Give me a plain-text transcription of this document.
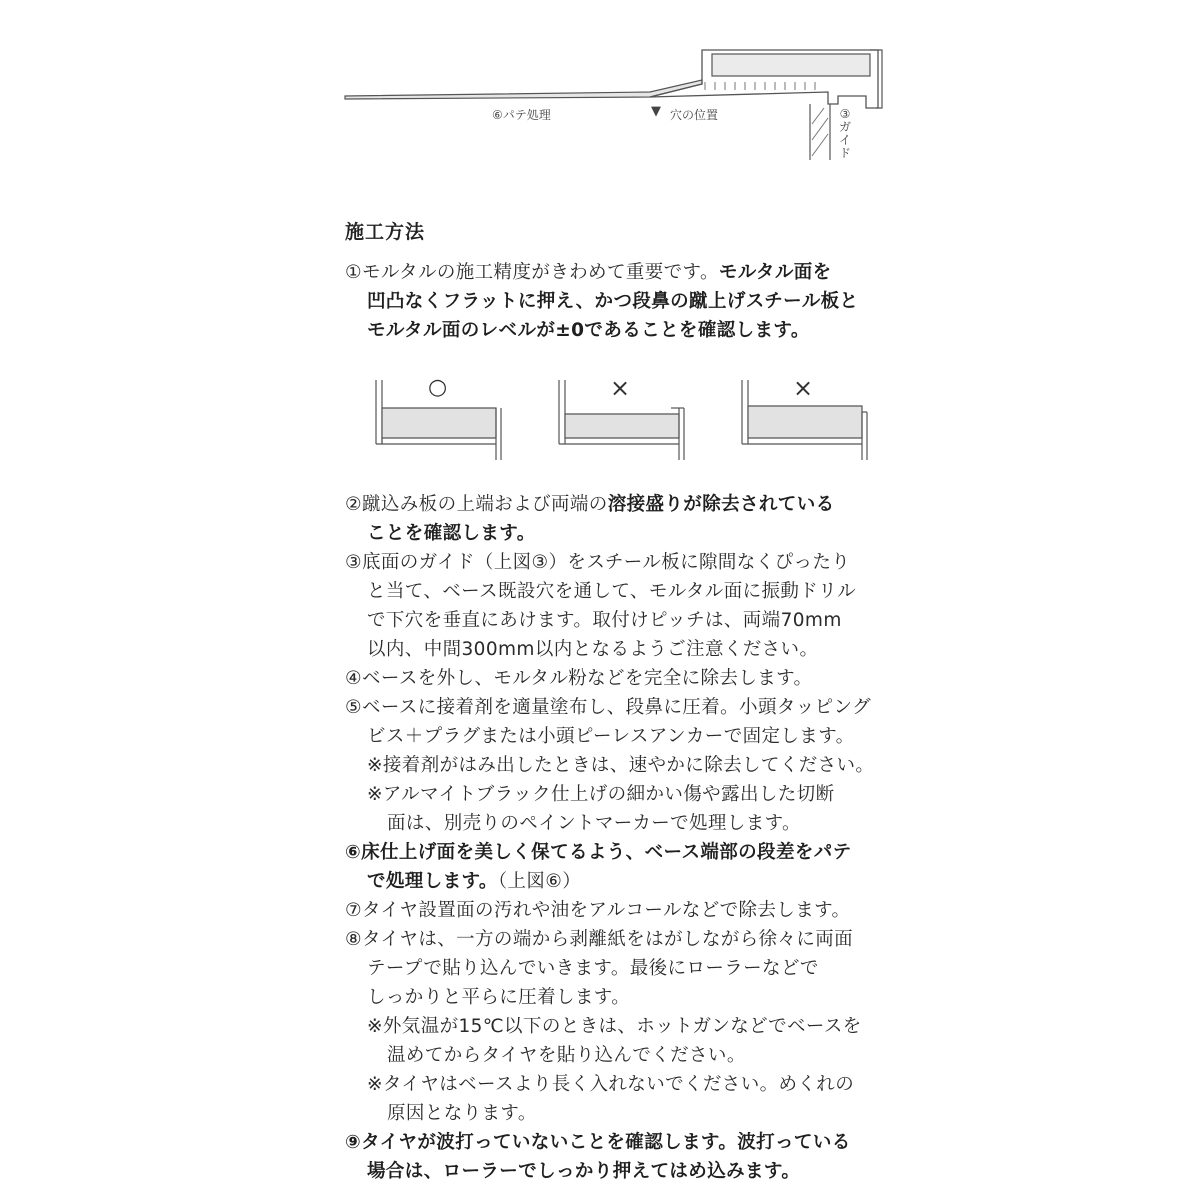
⑥パテ処理	▼ 穴の位置	③ガイド
施工方法
①モルタルの施工精度がきわめて重要です。モルタル面を
凹凸なくフラットに押え、かつ段鼻の蹴上げスチール板と
モルタル面のレベルが±0であることを確認します。
○	×	×
②蹴込み板の上端および両端の溶接盛りが除去されている
ことを確認します。
③底面のガイド（上図③）をスチール板に隙間なくぴったり
と当て、ベース既設穴を通して、モルタル面に振動ドリル
で下穴を垂直にあけます。取付けピッチは、両端70mm
以内、中間300mm以内となるようご注意ください。
④ベースを外し、モルタル粉などを完全に除去します。
⑤ベースに接着剤を適量塗布し、段鼻に圧着。小頭タッピング
ビス＋プラグまたは小頭ピーレスアンカーで固定します。
※接着剤がはみ出したときは、速やかに除去してください。
※アルマイトブラック仕上げの細かい傷や露出した切断
面は、別売りのペイントマーカーで処理します。
⑥床仕上げ面を美しく保てるよう、ベース端部の段差をパテ
で処理します。（上図⑥）
⑦タイヤ設置面の汚れや油をアルコールなどで除去します。
⑧タイヤは、一方の端から剥離紙をはがしながら徐々に両面
テープで貼り込んでいきます。最後にローラーなどで
しっかりと平らに圧着します。
※外気温が15℃以下のときは、ホットガンなどでベースを
温めてからタイヤを貼り込んでください。
※タイヤはベースより長く入れないでください。めくれの
原因となります。
⑨タイヤが波打っていないことを確認します。波打っている
場合は、ローラーでしっかり押えてはめ込みます。
